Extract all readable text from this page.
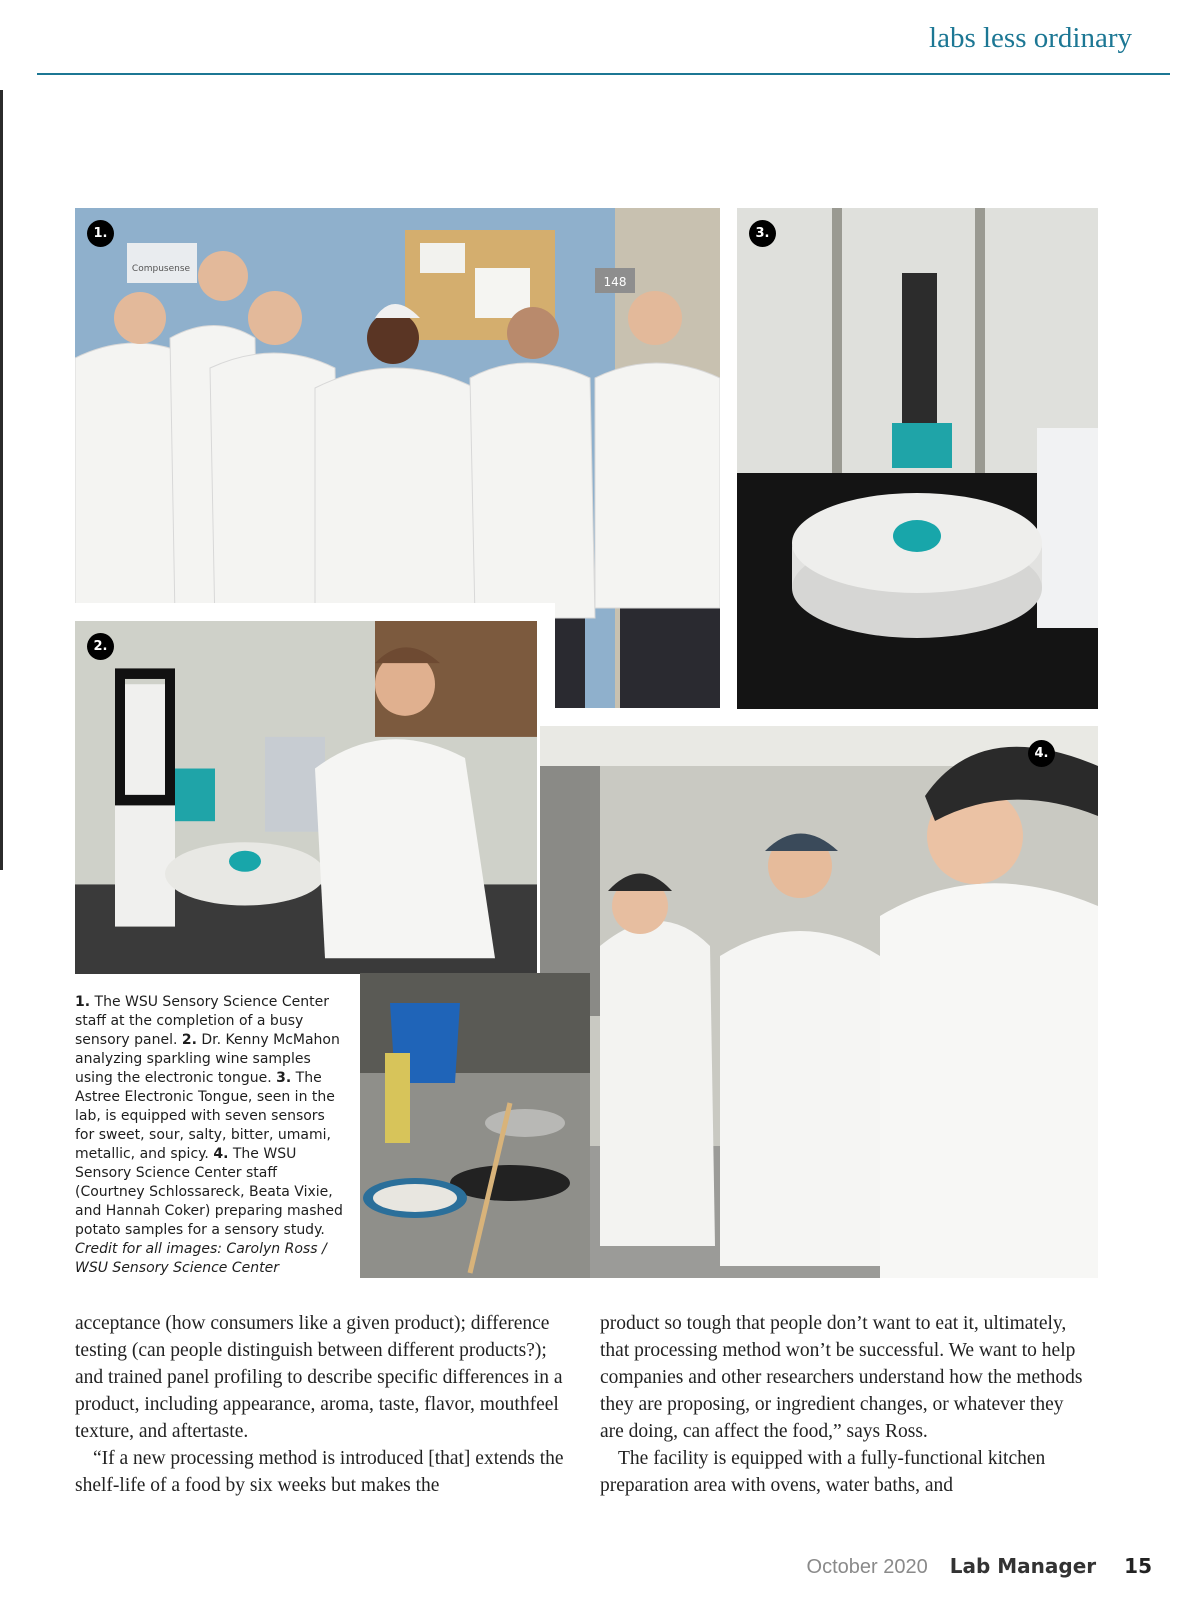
labs less ordinary
148
Compusense
1.	3.
2.
4.
1. The WSU Sensory Science Center staff at the completion of a busy sensory panel. 2. Dr. Kenny McMahon analyzing sparkling wine samples using the electronic tongue. 3. The Astree Electronic Tongue, seen in the lab, is equipped with seven sensors for sweet, sour, salty, bitter, umami, metallic, and spicy. 4. The WSU Sensory Science Center staff (Courtney Schlossareck, Beata Vixie, and Hannah Coker) preparing mashed potato samples for a sensory study. Credit for all images: Carolyn Ross / WSU Sensory Science Center

acceptance (how consumers like a given product); difference testing (can people distinguish between different products?); and trained panel profiling to describe specific differences in a product, including appearance, aroma, taste, flavor, mouthfeel texture, and aftertaste.

“If a new processing method is introduced [that] extends the shelf-life of a food by six weeks but makes the

product so tough that people don’t want to eat it, ultimately, that processing method won’t be successful. We want to help companies and other researchers understand how the methods they are proposing, or ingredient changes, or whatever they are doing, can affect the food,” says Ross.

The facility is equipped with a fully-functional kitchen preparation area with ovens, water baths, and

October 2020 Lab Manager 15
